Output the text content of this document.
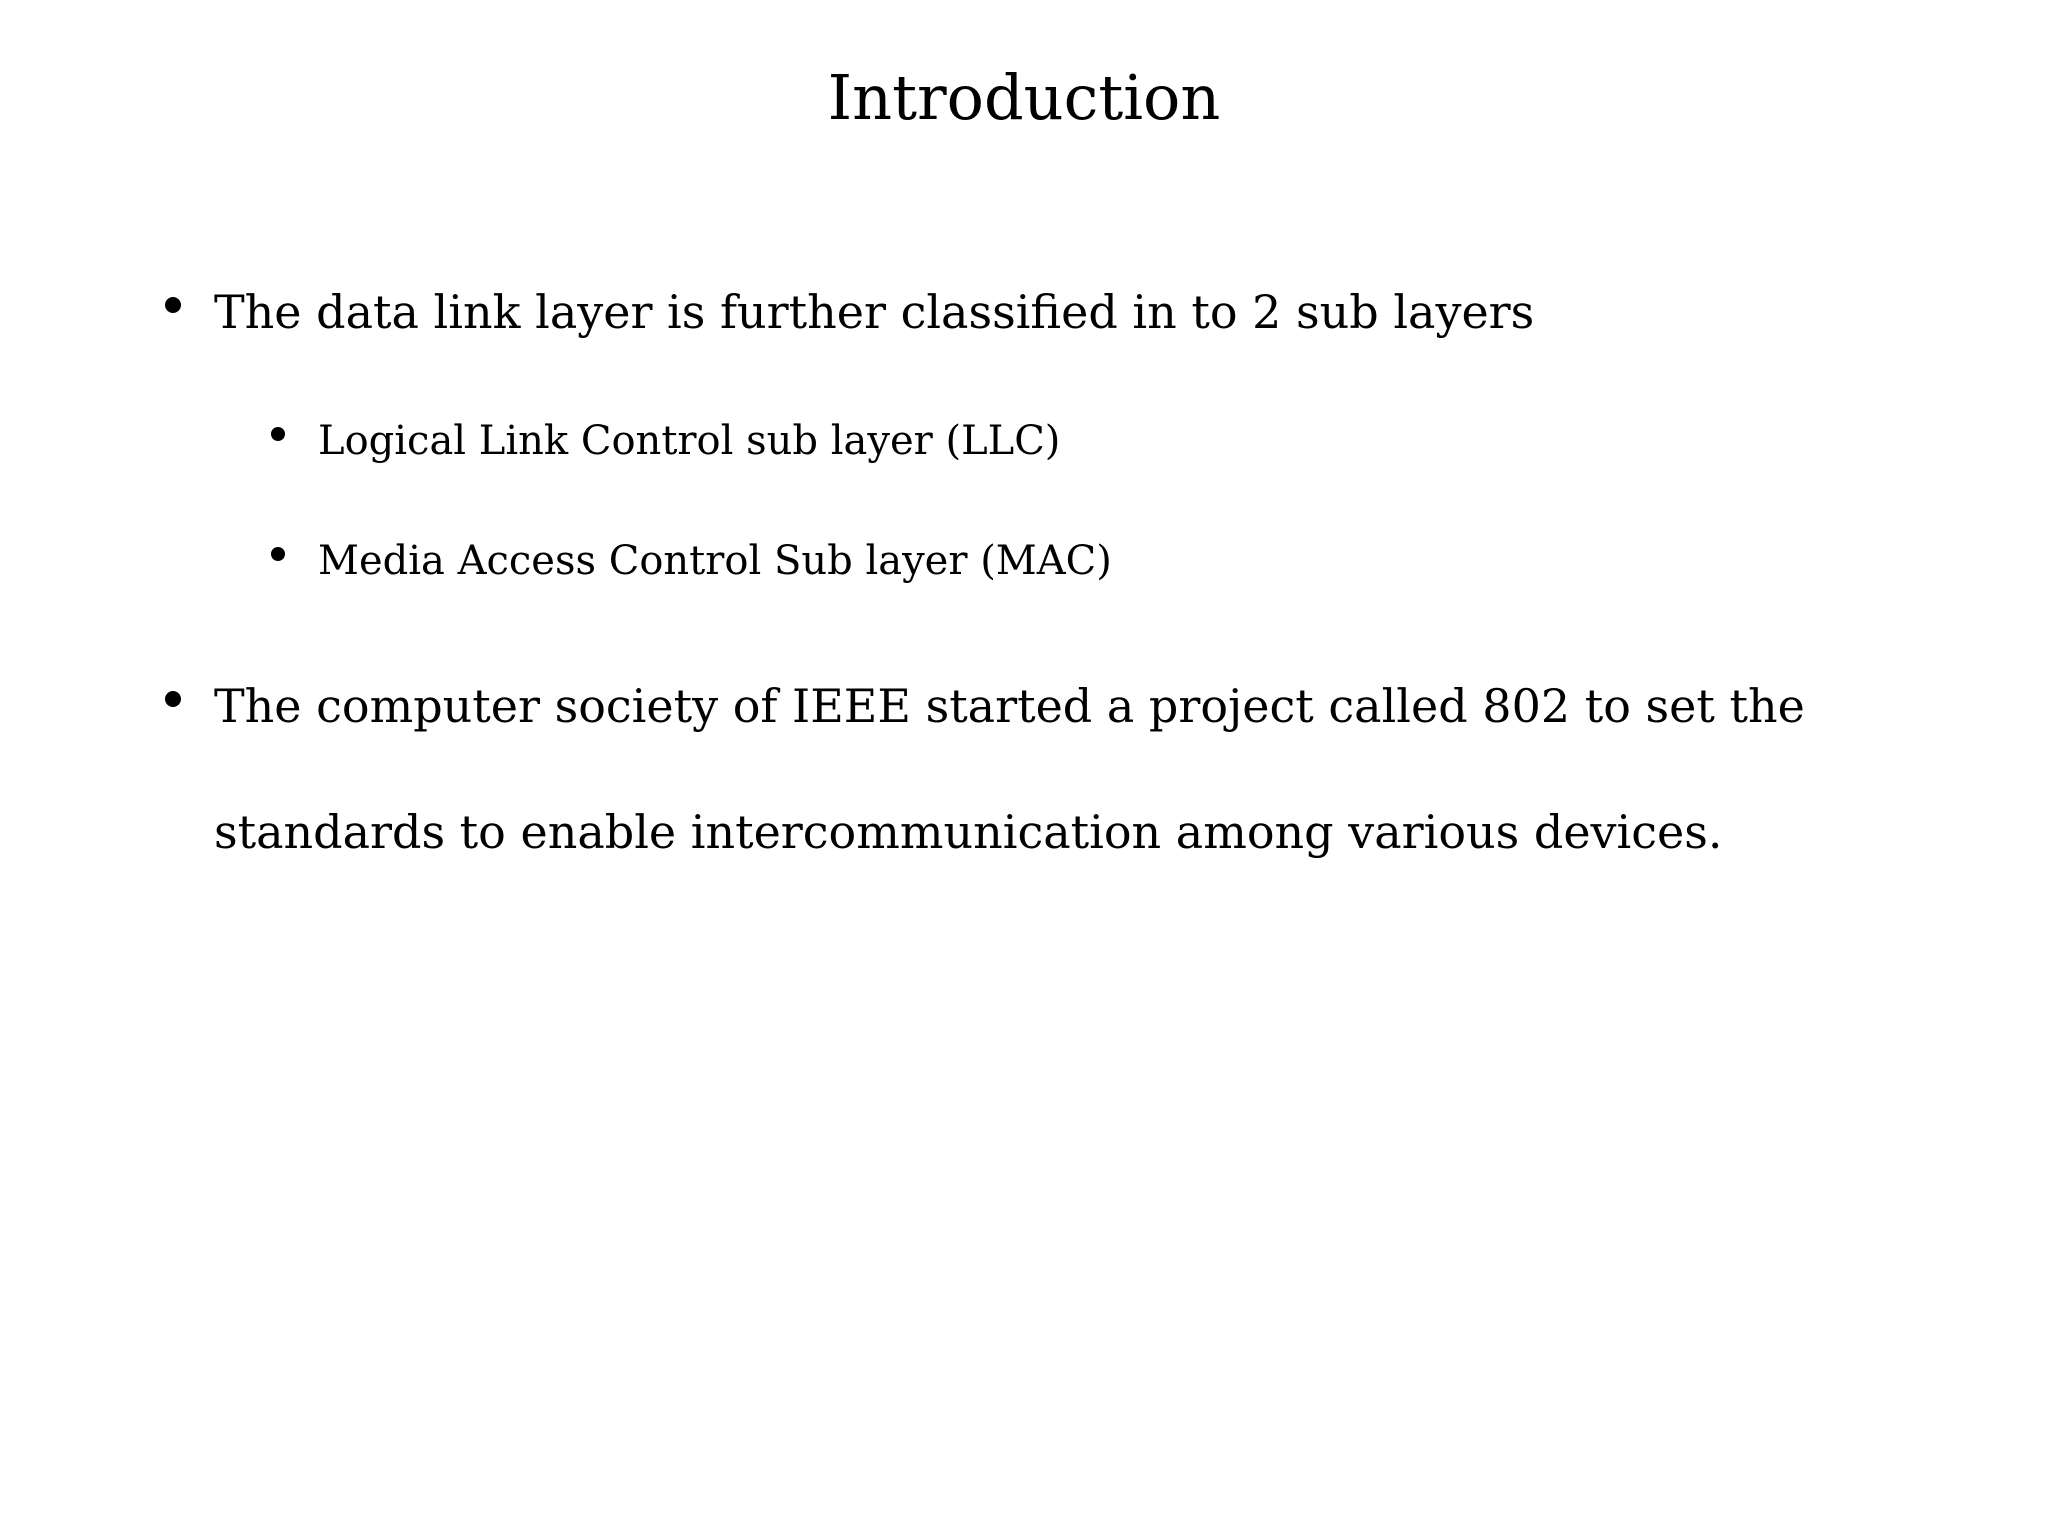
Introduction
The data link layer is further classified in to 2 sub layers
Logical Link Control sub layer (LLC)
Media Access Control Sub layer (MAC)
The computer society of IEEE started a project called 802 to set the standards to enable intercommunication among various devices.
